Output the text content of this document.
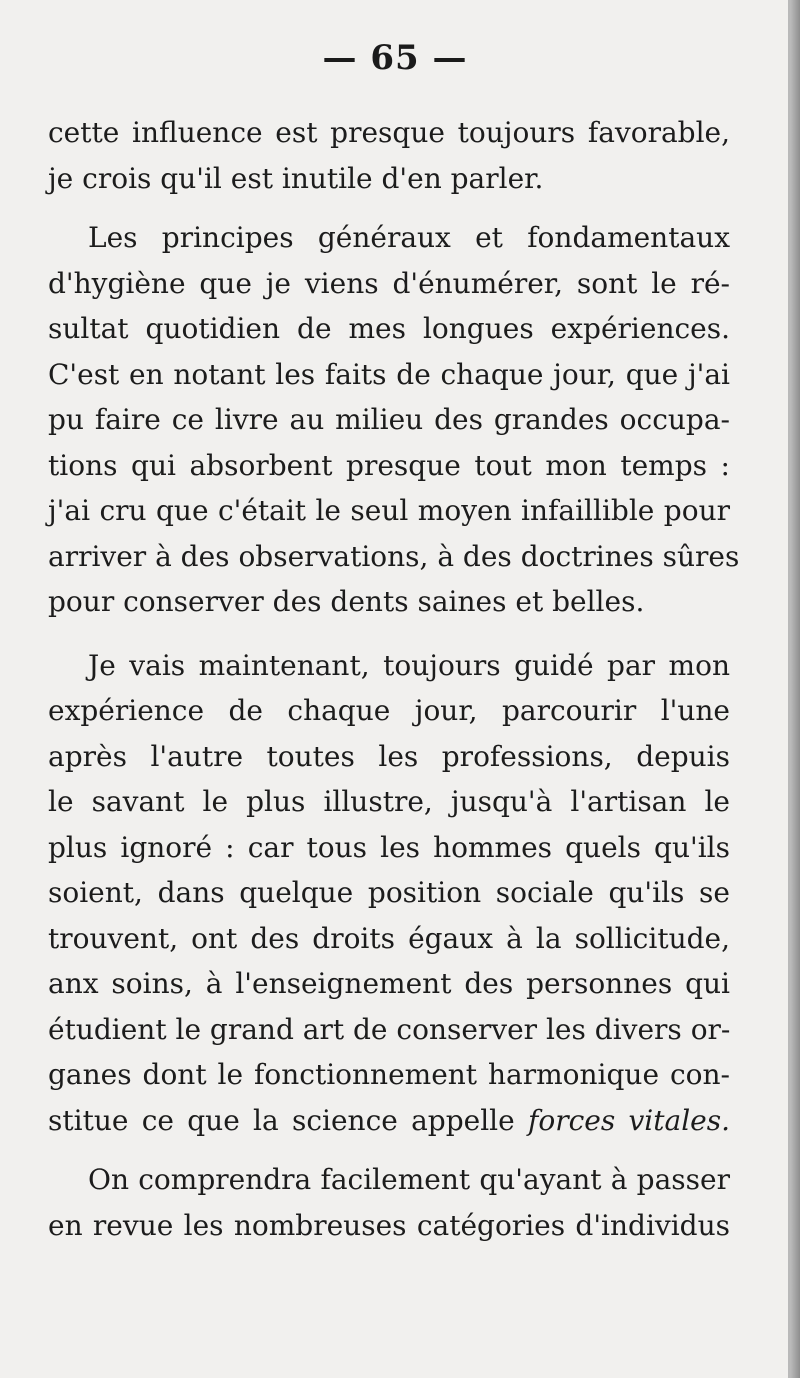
— 65 —
cette influence est presque toujours favorable,
je crois qu'il est inutile d'en parler.
Les principes généraux et fondamentaux
d'hygiène que je viens d'énumérer, sont le ré-
sultat quotidien de mes longues expériences.
C'est en notant les faits de chaque jour, que j'ai
pu faire ce livre au milieu des grandes occupa-
tions qui absorbent presque tout mon temps :
j'ai cru que c'était le seul moyen infaillible pour
arriver à des observations, à des doctrines sûres
pour conserver des dents saines et belles.
Je vais maintenant, toujours guidé par mon
expérience de chaque jour, parcourir l'une
après l'autre toutes les professions, depuis
le savant le plus illustre, jusqu'à l'artisan le
plus ignoré : car tous les hommes quels qu'ils
soient, dans quelque position sociale qu'ils se
trouvent, ont des droits égaux à la sollicitude,
anx soins, à l'enseignement des personnes qui
étudient le grand art de conserver les divers or-
ganes dont le fonctionnement harmonique con-
stitue ce que la science appelle forces vitales.
On comprendra facilement qu'ayant à passer
en revue les nombreuses catégories d'individus
